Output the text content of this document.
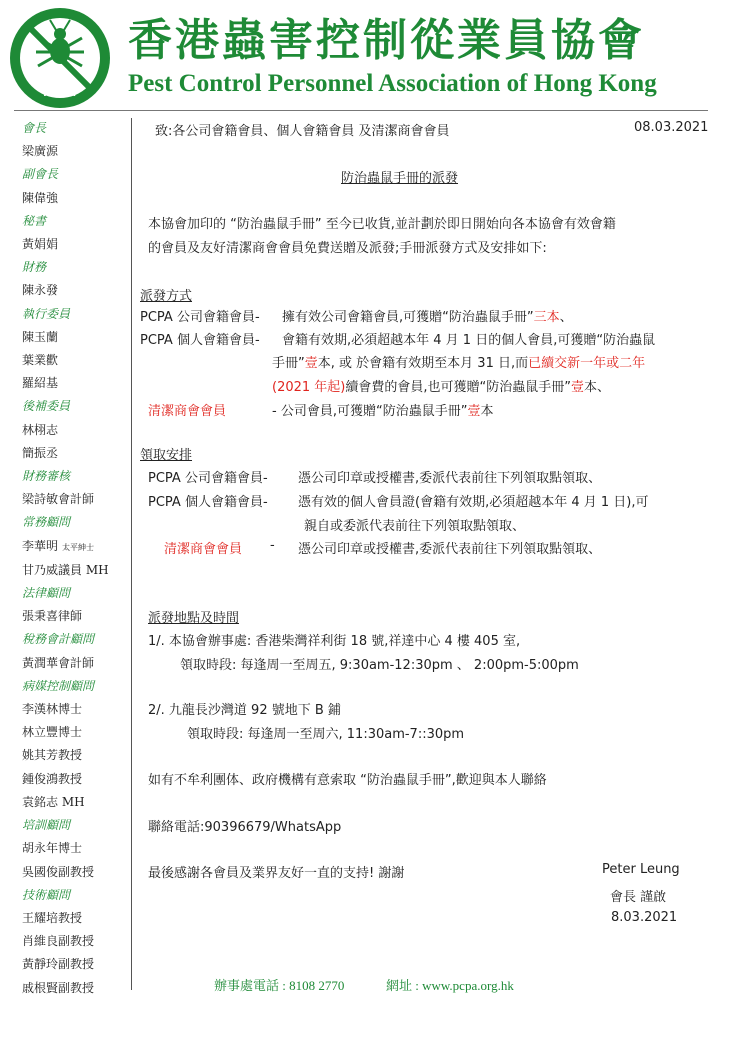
PCPA
香港蟲害控制從業員協會
Pest Control Personnel Association of Hong Kong
會長
梁廣源
副會長
陳偉強
秘書
黃娟娟
財務
陳永發
執行委員
陳玉蘭
葉業歡
羅紹基
後補委員
林栩志
簡振丞
財務審核
梁詩敏會計師
常務顧問
李華明 太平紳士
甘乃威議員 MH
法律顧問
張秉喜律師
稅務會計顧問
黃潤華會計師
病媒控制顧問
李漢林博士
林立豐博士
姚其芳教授
鍾俊鴻教授
袁銘志 MH
培訓顧問
胡永年博士
吳國俊副教授
技術顧問
王耀培教授
肖維良副教授
黃靜玲副教授
戚根賢副教授
致:各公司會籍會員、個人會籍會員 及清潔商會會員	08.03.2021
防治蟲鼠手冊的派發
本協會加印的 “防治蟲鼠手冊” 至今已收貨,並計劃於即日開始向各本協會有效會籍
的會員及友好清潔商會會員免費送贈及派發;手冊派發方式及安排如下:
派發方式
PCPA 公司會籍會員- 擁有效公司會籍會員,可獲贈“防治蟲鼠手冊”三本、
PCPA 個人會籍會員- 會籍有效期,必須超越本年 4 月 1 日的個人會員,可獲贈“防治蟲鼠
手冊”壹本, 或 於會籍有效期至本月 31 日,而已續交新一年或二年
(2021 年起)續會費的會員,也可獲贈“防治蟲鼠手冊”壹本、
清潔商會會員	- 公司會員,可獲贈“防治蟲鼠手冊”壹本
領取安排
PCPA 公司會籍會員- 憑公司印章或授權書,委派代表前往下列領取點領取、
PCPA 個人會籍會員- 憑有效的個人會員證(會籍有效期,必須超越本年 4 月 1 日),可
親自或委派代表前往下列領取點領取、
清潔商會會員 - 憑公司印章或授權書,委派代表前往下列領取點領取、
派發地點及時間
1/. 本協會辦事處: 香港柴灣祥利街 18 號,祥達中心 4 樓 405 室,
領取時段: 每逢周一至周五, 9:30am-12:30pm 、 2:00pm-5:00pm
2/. 九龍長沙灣道 92 號地下 B 鋪
領取時段: 每逢周一至周六, 11:30am-7::30pm
如有不牟利團体、政府機構有意索取 “防治蟲鼠手冊”,歡迎與本人聯絡
聯絡電話:90396679/WhatsApp
最後感謝各會員及業界友好一直的支持! 謝謝	Peter Leung
會長 謹啟
8.03.2021
辦事處電話 : 8108 2770	網址 : www.pcpa.org.hk
